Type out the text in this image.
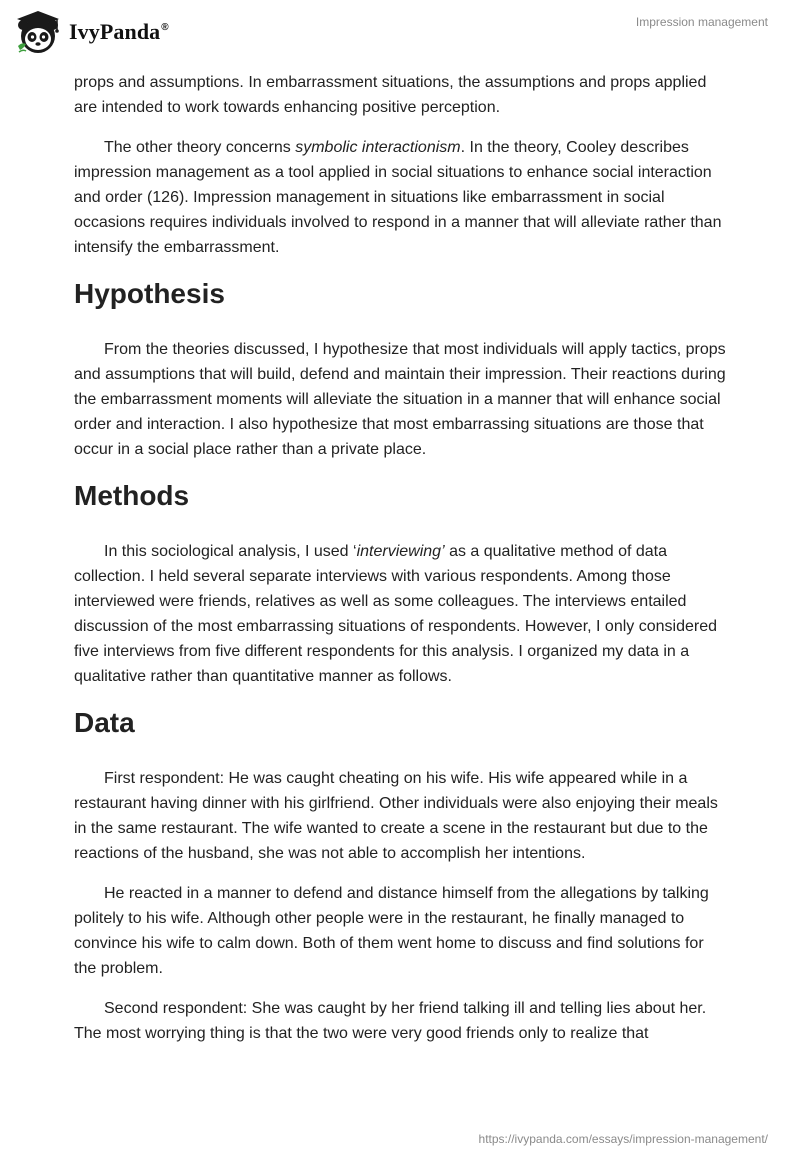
IvyPanda®	Impression management

props and assumptions. In embarrassment situations, the assumptions and props applied are intended to work towards enhancing positive perception.

The other theory concerns symbolic interactionism. In the theory, Cooley describes impression management as a tool applied in social situations to enhance social interaction and order (126). Impression management in situations like embarrassment in social occasions requires individuals involved to respond in a manner that will alleviate rather than intensify the embarrassment.

Hypothesis

From the theories discussed, I hypothesize that most individuals will apply tactics, props and assumptions that will build, defend and maintain their impression. Their reactions during the embarrassment moments will alleviate the situation in a manner that will enhance social order and interaction. I also hypothesize that most embarrassing situations are those that occur in a social place rather than a private place.

Methods

In this sociological analysis, I used ‘interviewing’ as a qualitative method of data collection. I held several separate interviews with various respondents. Among those interviewed were friends, relatives as well as some colleagues. The interviews entailed discussion of the most embarrassing situations of respondents. However, I only considered five interviews from five different respondents for this analysis. I organized my data in a qualitative rather than quantitative manner as follows.

Data

First respondent: He was caught cheating on his wife. His wife appeared while in a restaurant having dinner with his girlfriend. Other individuals were also enjoying their meals in the same restaurant. The wife wanted to create a scene in the restaurant but due to the reactions of the husband, she was not able to accomplish her intentions.

He reacted in a manner to defend and distance himself from the allegations by talking politely to his wife. Although other people were in the restaurant, he finally managed to convince his wife to calm down. Both of them went home to discuss and find solutions for the problem.

Second respondent: She was caught by her friend talking ill and telling lies about her. The most worrying thing is that the two were very good friends only to realize that

https://ivypanda.com/essays/impression-management/
